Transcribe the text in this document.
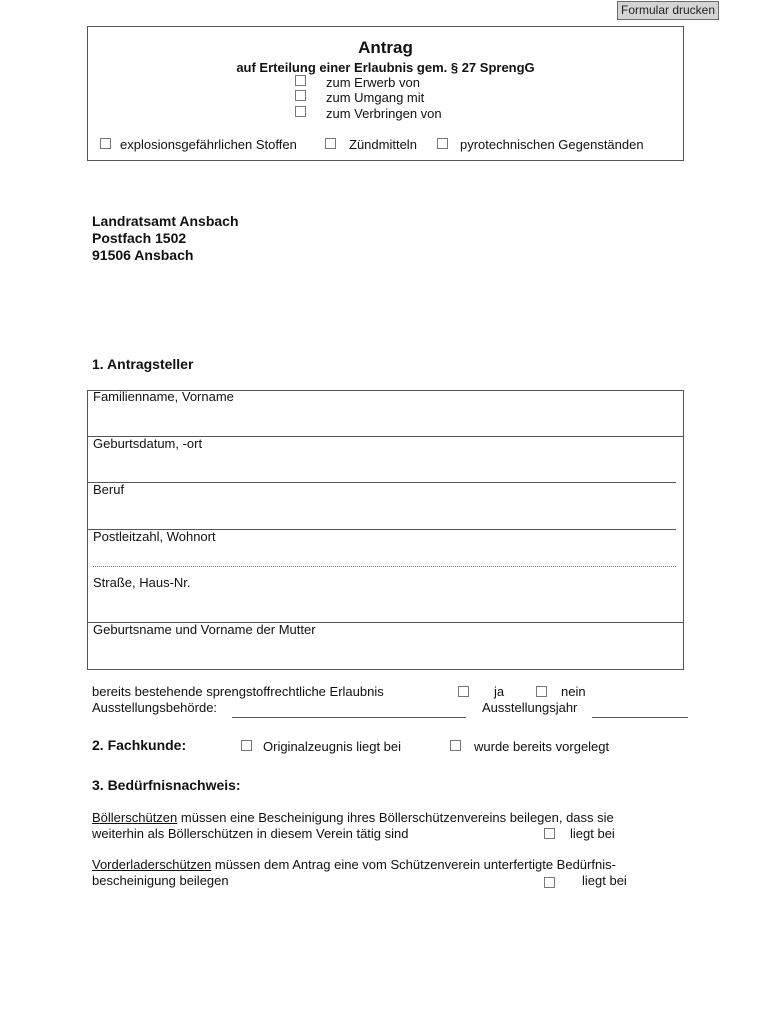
Formular drucken
Antrag
auf Erteilung einer Erlaubnis gem. § 27 SprengG
zum Erwerb von
zum Umgang mit
zum Verbringen von
explosionsgefährlichen Stoffen	Zündmitteln	pyrotechnischen Gegenständen
Landratsamt Ansbach
Postfach 1502
91506 Ansbach
1. Antragsteller
Familienname, Vorname
Geburtsdatum, -ort
Beruf
Postleitzahl, Wohnort
Straße, Haus-Nr.
Geburtsname und Vorname der Mutter
bereits bestehende sprengstoffrechtliche Erlaubnis	ja	nein
Ausstellungsbehörde:	Ausstellungsjahr
2. Fachkunde:	Originalzeugnis liegt bei	wurde bereits vorgelegt
3. Bedürfnisnachweis:
Böllerschützen müssen eine Bescheinigung ihres Böllerschützenvereins beilegen, dass sie
weiterhin als Böllerschützen in diesem Verein tätig sind	liegt bei
Vorderladerschützen müssen dem Antrag eine vom Schützenverein unterfertigte Bedürfnis-
bescheinigung beilegen	liegt bei
